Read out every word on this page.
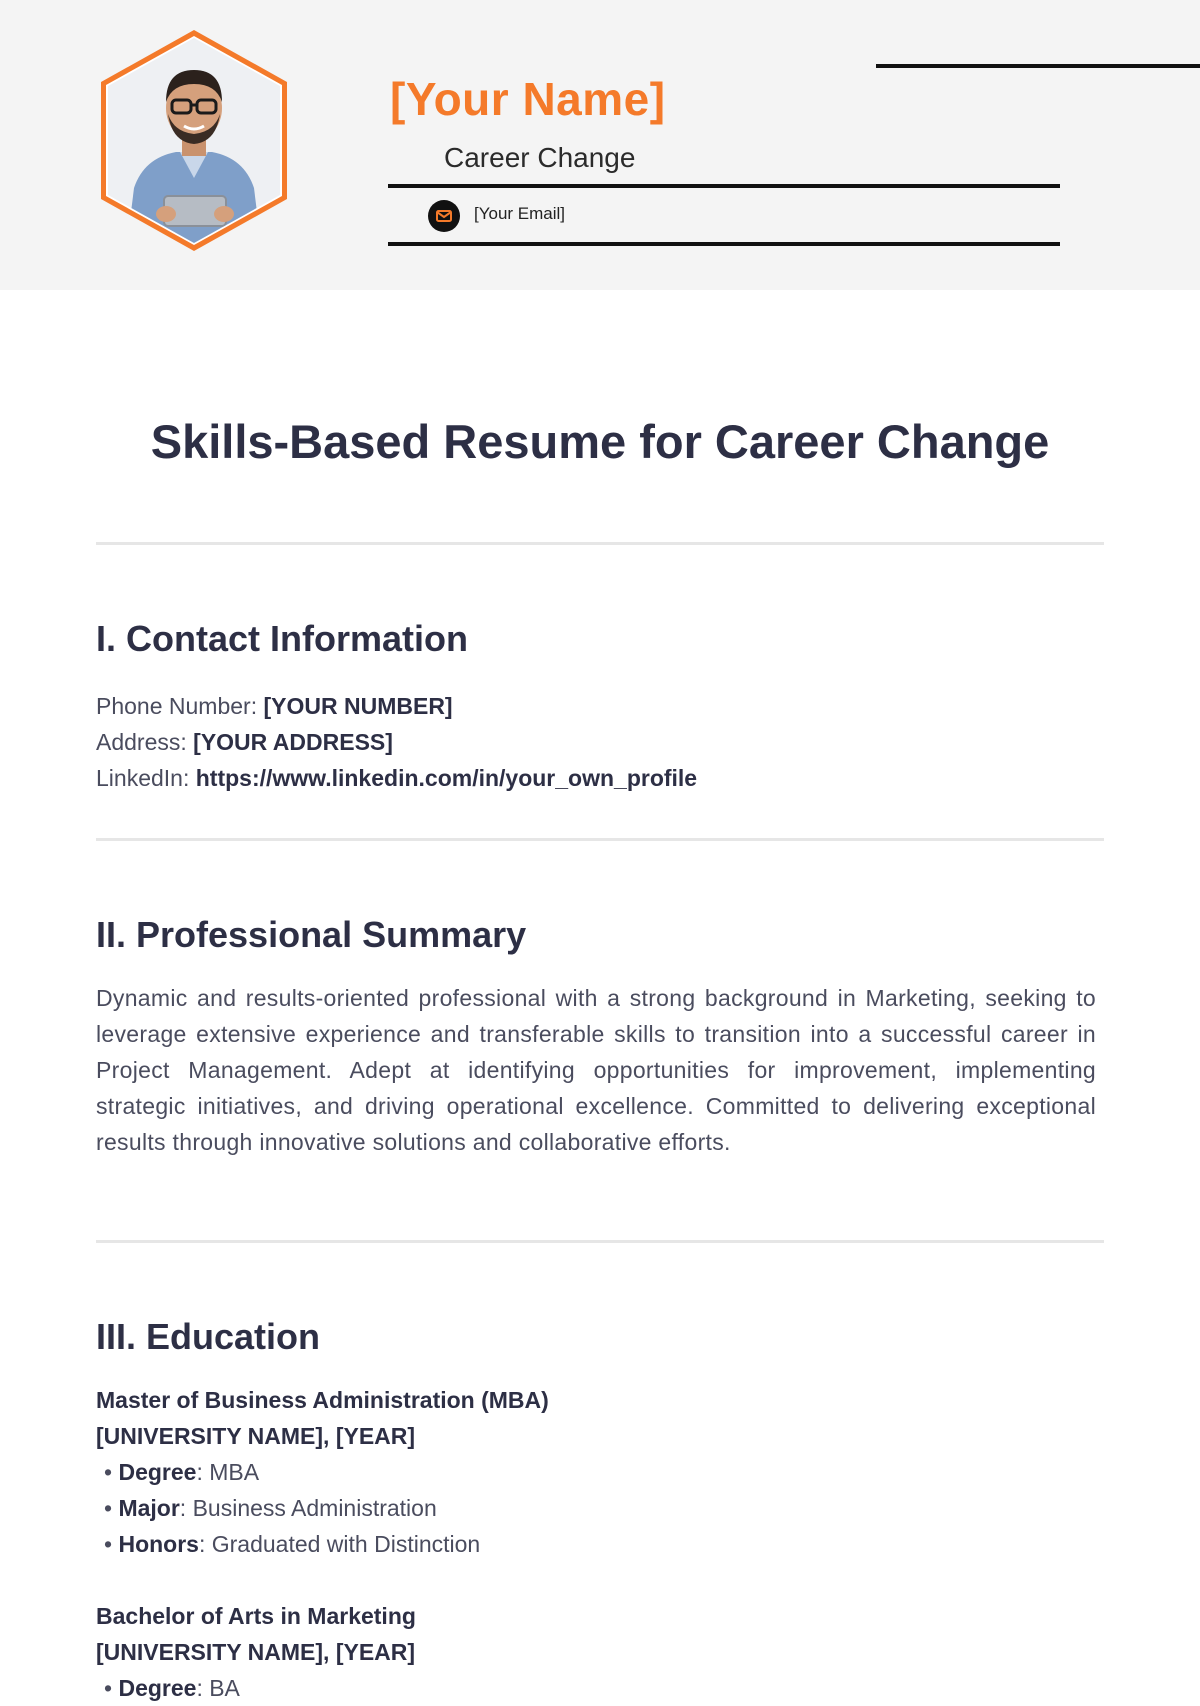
[Your Name]
Career Change
[Your Email]
Skills-Based Resume for Career Change
I. Contact Information
Phone Number: [YOUR NUMBER]
Address: [YOUR ADDRESS]
LinkedIn: https://www.linkedin.com/in/your_own_profile
II. Professional Summary
Dynamic and results-oriented professional with a strong background in Marketing, seeking to leverage extensive experience and transferable skills to transition into a successful career in Project Management. Adept at identifying opportunities for improvement, implementing strategic initiatives, and driving operational excellence. Committed to delivering exceptional results through innovative solutions and collaborative efforts.
III. Education
Master of Business Administration (MBA)
[UNIVERSITY NAME], [YEAR]
• Degree: MBA
• Major: Business Administration
• Honors: Graduated with Distinction
Bachelor of Arts in Marketing
[UNIVERSITY NAME], [YEAR]
• Degree: BA
